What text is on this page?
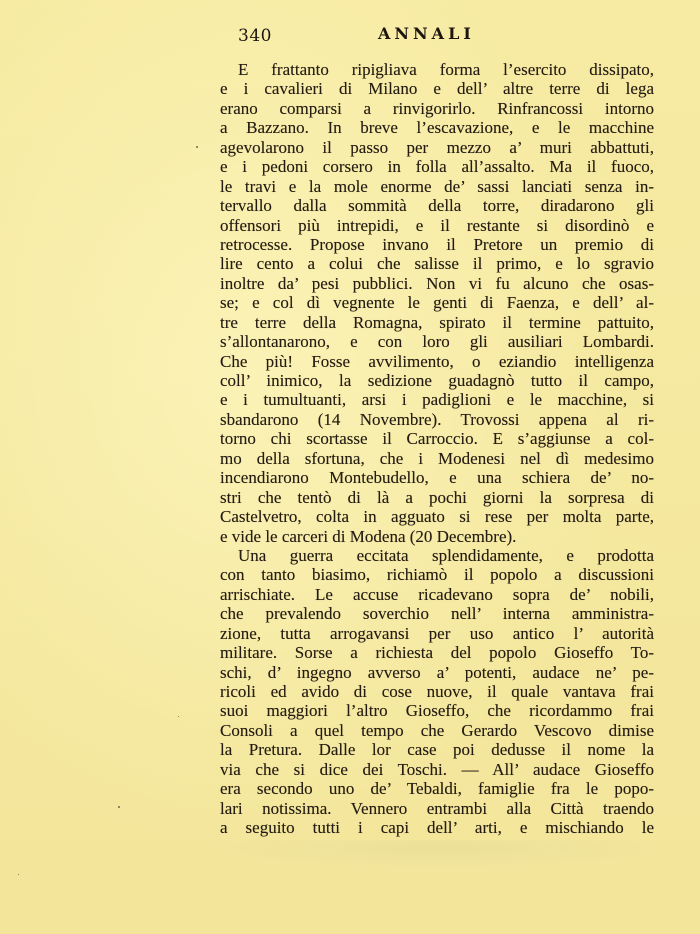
340	ANNALI
E frattanto ripigliava forma l’esercito dissipato,
e i cavalieri di Milano e dell’ altre terre di lega
erano comparsi a rinvigorirlo. Rinfrancossi intorno
a Bazzano. In breve l’escavazione, e le macchine
agevolarono il passo per mezzo a’ muri abbattuti,
e i pedoni corsero in folla all’assalto. Ma il fuoco,
le travi e la mole enorme de’ sassi lanciati senza in-
tervallo dalla sommità della torre, diradarono gli
offensori più intrepidi, e il restante si disordinò e
retrocesse. Propose invano il Pretore un premio di
lire cento a colui che salisse il primo, e lo sgravio
inoltre da’ pesi pubblici. Non vi fu alcuno che osas-
se; e col dì vegnente le genti di Faenza, e dell’ al-
tre terre della Romagna, spirato il termine pattuito,
s’allontanarono, e con loro gli ausiliari Lombardi.
Che più! Fosse avvilimento, o eziandio intelligenza
coll’ inimico, la sedizione guadagnò tutto il campo,
e i tumultuanti, arsi i padiglioni e le macchine, si
sbandarono (14 Novembre). Trovossi appena al ri-
torno chi scortasse il Carroccio. E s’aggiunse a col-
mo della sfortuna, che i Modenesi nel dì medesimo
incendiarono Montebudello, e una schiera de’ no-
stri che tentò di là a pochi giorni la sorpresa di
Castelvetro, colta in agguato si rese per molta parte,
e vide le carceri di Modena (20 Decembre).
Una guerra eccitata splendidamente, e prodotta
con tanto biasimo, richiamò il popolo a discussioni
arrischiate. Le accuse ricadevano sopra de’ nobili,
che prevalendo soverchio nell’ interna amministra-
zione, tutta arrogavansi per uso antico l’ autorità
militare. Sorse a richiesta del popolo Gioseffo To-
schi, d’ ingegno avverso a’ potenti, audace ne’ pe-
ricoli ed avido di cose nuove, il quale vantava frai
suoi maggiori l’altro Gioseffo, che ricordammo frai
Consoli a quel tempo che Gerardo Vescovo dimise
la Pretura. Dalle lor case poi dedusse il nome la
via che si dice dei Toschi. — All’ audace Gioseffo
era secondo uno de’ Tebaldi, famiglie fra le popo-
lari notissima. Vennero entrambi alla Città traendo
a seguito tutti i capi dell’ arti, e mischiando le
